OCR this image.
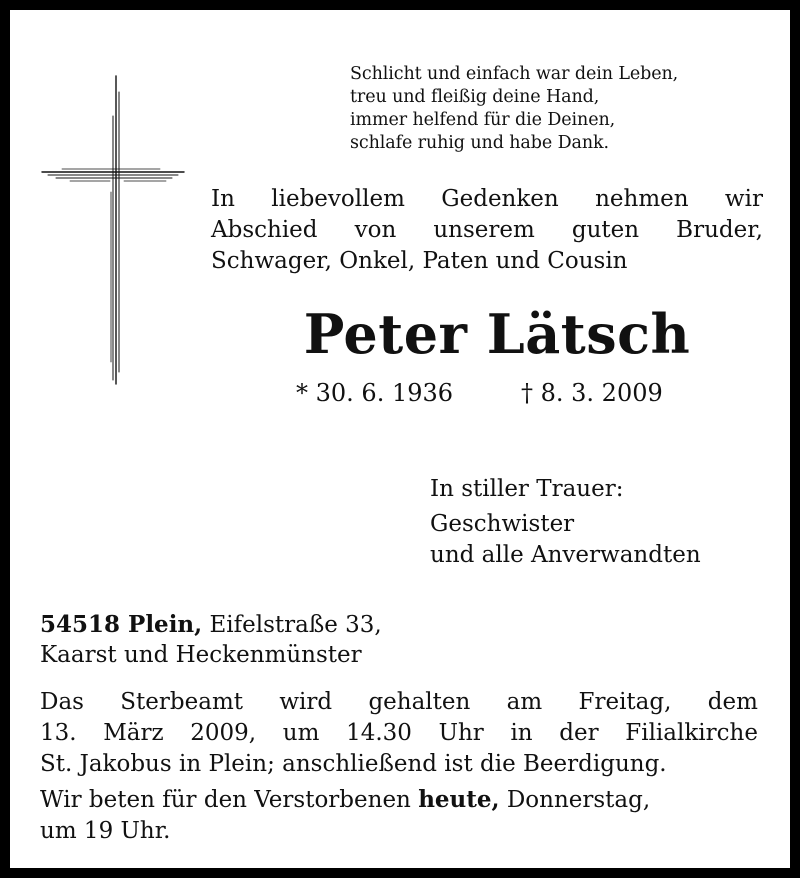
Schlicht und einfach war dein Leben,
treu und fleißig deine Hand,
immer helfend für die Deinen,
schlafe ruhig und habe Dank.
In liebevollem Gedenken nehmen wir
Abschied von unserem guten Bruder,
Schwager, Onkel, Paten und Cousin
Peter Lätsch
* 30. 6. 1936	† 8. 3. 2009
In stiller Trauer:
Geschwister
und alle Anverwandten
54518 Plein, Eifelstraße 33,
Kaarst und Heckenmünster
Das Sterbeamt wird gehalten am Freitag, dem
13. März 2009, um 14.30 Uhr in der Filialkirche
St. Jakobus in Plein; anschließend ist die Beerdigung.
Wir beten für den Verstorbenen heute, Donnerstag,
um 19 Uhr.
